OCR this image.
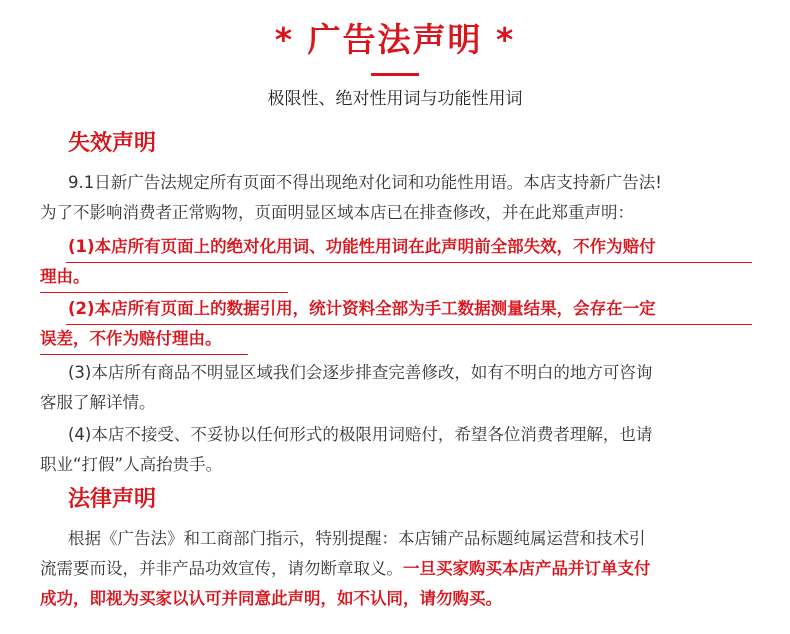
* 广告法声明 *
极限性、绝对性用词与功能性用词
失效声明
9.1日新广告法规定所有页面不得出现绝对化词和功能性用语。本店支持新广告法!
为了不影响消费者正常购物，页面明显区域本店已在排查修改，并在此郑重声明：
(1)本店所有页面上的绝对化用词、功能性用词在此声明前全部失效，不作为赔付
理由。
(2)本店所有页面上的数据引用，统计资料全部为手工数据测量结果，会存在一定
误差，不作为赔付理由。
(3)本店所有商品不明显区域我们会逐步排查完善修改，如有不明白的地方可咨询
客服了解详情。
(4)本店不接受、不妥协以任何形式的极限用词赔付，希望各位消费者理解，也请
职业“打假”人高抬贵手。
法律声明
根据《广告法》和工商部门指示，特别提醒：本店铺产品标题纯属运营和技术引
流需要而设，并非产品功效宣传，请勿断章取义。一旦买家购买本店产品并订单支付
成功，即视为买家以认可并同意此声明，如不认同，请勿购买。
